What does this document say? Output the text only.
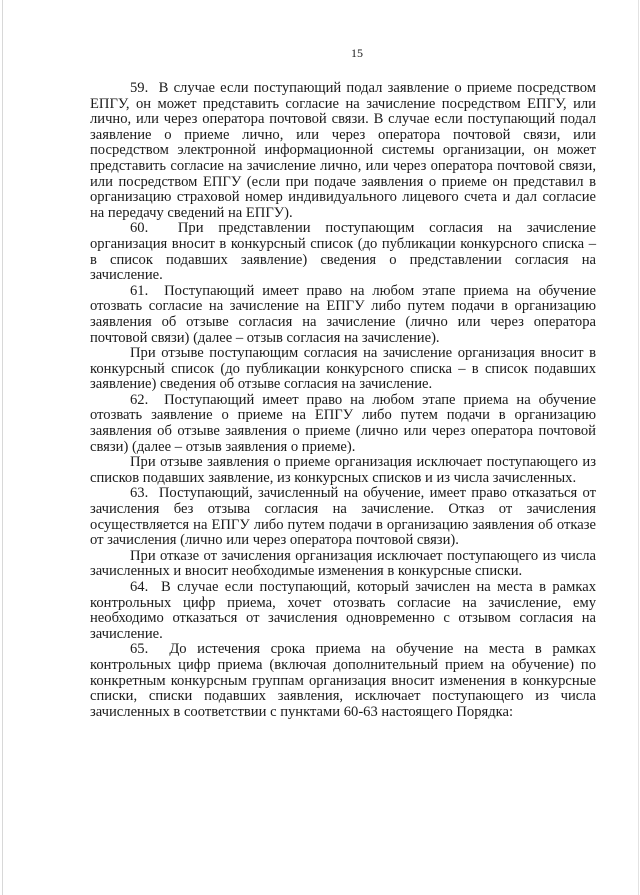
15

59.  В случае если поступающий подал заявление о приеме посредством ЕПГУ, он может представить согласие на зачисление посредством ЕПГУ, или лично, или через оператора почтовой связи. В случае если поступающий подал заявление о приеме лично, или через оператора почтовой связи, или посредством электронной информационной системы организации, он может представить согласие на зачисление лично, или через оператора почтовой связи, или посредством ЕПГУ (если при подаче заявления о приеме он представил в организацию страховой номер индивидуального лицевого счета и дал согласие на передачу сведений на ЕПГУ).

60.  При представлении поступающим согласия на зачисление организация вносит в конкурсный список (до публикации конкурсного списка – в список подавших заявление) сведения о представлении согласия на зачисление.

61.  Поступающий имеет право на любом этапе приема на обучение отозвать согласие на зачисление на ЕПГУ либо путем подачи в организацию заявления об отзыве согласия на зачисление (лично или через оператора почтовой связи) (далее – отзыв согласия на зачисление).

При отзыве поступающим согласия на зачисление организация вносит в конкурсный список (до публикации конкурсного списка – в список подавших заявление) сведения об отзыве согласия на зачисление.

62.  Поступающий имеет право на любом этапе приема на обучение отозвать заявление о приеме на ЕПГУ либо путем подачи в организацию заявления об отзыве заявления о приеме (лично или через оператора почтовой связи) (далее – отзыв заявления о приеме).

При отзыве заявления о приеме организация исключает поступающего из списков подавших заявление, из конкурсных списков и из числа зачисленных.

63.  Поступающий, зачисленный на обучение, имеет право отказаться от зачисления без отзыва согласия на зачисление. Отказ от зачисления осуществляется на ЕПГУ либо путем подачи в организацию заявления об отказе от зачисления (лично или через оператора почтовой связи).

При отказе от зачисления организация исключает поступающего из числа зачисленных и вносит необходимые изменения в конкурсные списки.

64.  В случае если поступающий, который зачислен на места в рамках контрольных цифр приема, хочет отозвать согласие на зачисление, ему необходимо отказаться от зачисления одновременно с отзывом согласия на зачисление.

65.  До истечения срока приема на обучение на места в рамках контрольных цифр приема (включая дополнительный прием на обучение) по конкретным конкурсным группам организация вносит изменения в конкурсные списки, списки подавших заявления, исключает поступающего из числа зачисленных в соответствии с пунктами 60-63 настоящего Порядка:
